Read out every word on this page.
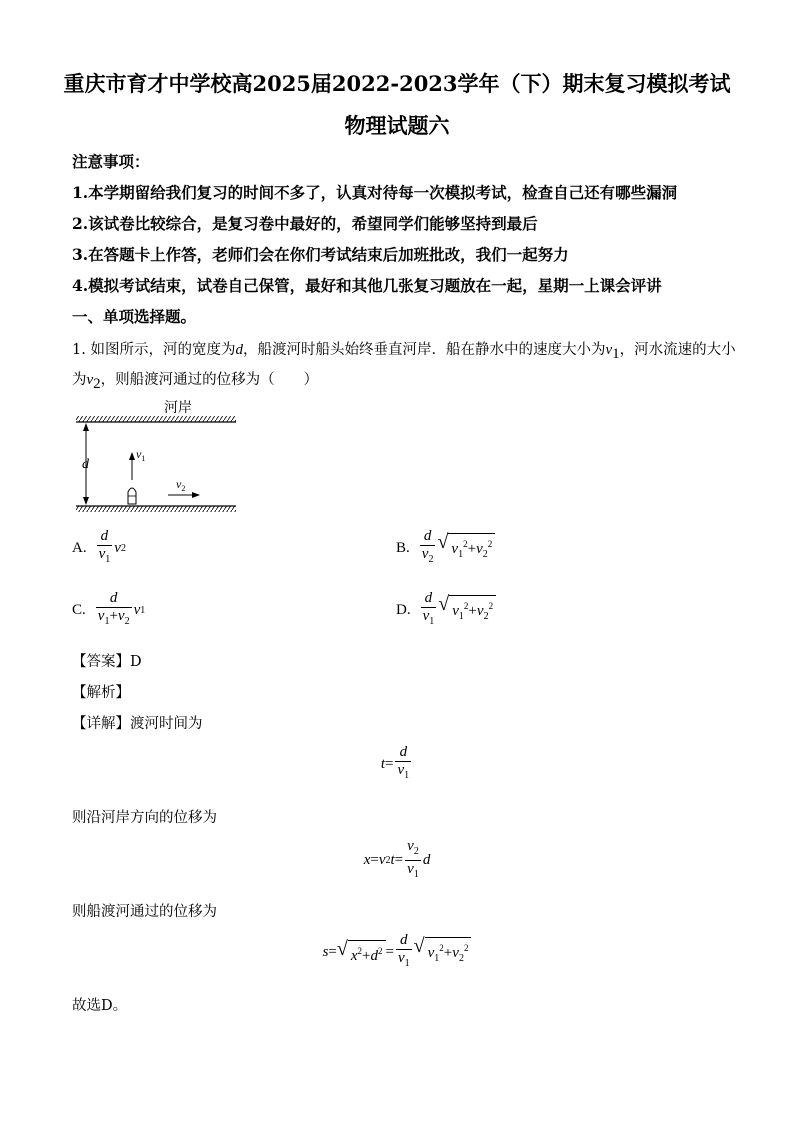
重庆市育才中学校高2025届2022-2023学年（下）期末复习模拟考试
物理试题六
注意事项：
1.本学期留给我们复习的时间不多了，认真对待每一次模拟考试，检查自己还有哪些漏洞
2.该试卷比较综合，是复习卷中最好的，希望同学们能够坚持到最后
3.在答题卡上作答，老师们会在你们考试结束后加班批改，我们一起努力
4.模拟考试结束，试卷自己保管，最好和其他几张复习题放在一起，星期一上课会评讲
一、单项选择题。
1. 如图所示，河的宽度为d，船渡河时船头始终垂直河岸．船在静水中的速度大小为$v_1$，河水流速的大小
为$v_2$，则船渡河通过的位移为（　　）
河岸
d
$v_1$
$v_2$
A. $\frac{d}{v_1}$ v 2	B. $\frac{d}{v_2}$ √ $v_1^2+v_2^2$
C. $\frac{d}{v_1+v_2}$ v 1	D. $\frac{d}{v_1}$ √ $v_1^2+v_2^2$
【答案】D
【解析】
【详解】渡河时间为
$t = \frac{d}{v_1}$
则沿河岸方向的位移为
x = v 2 $t = \frac{v_2}{v_1}$ d
则船渡河通过的位移为
s = √ $x^2+d^2 = \frac{d}{v_1}$ √ $v_1^2+v_2^2$
故选D。
